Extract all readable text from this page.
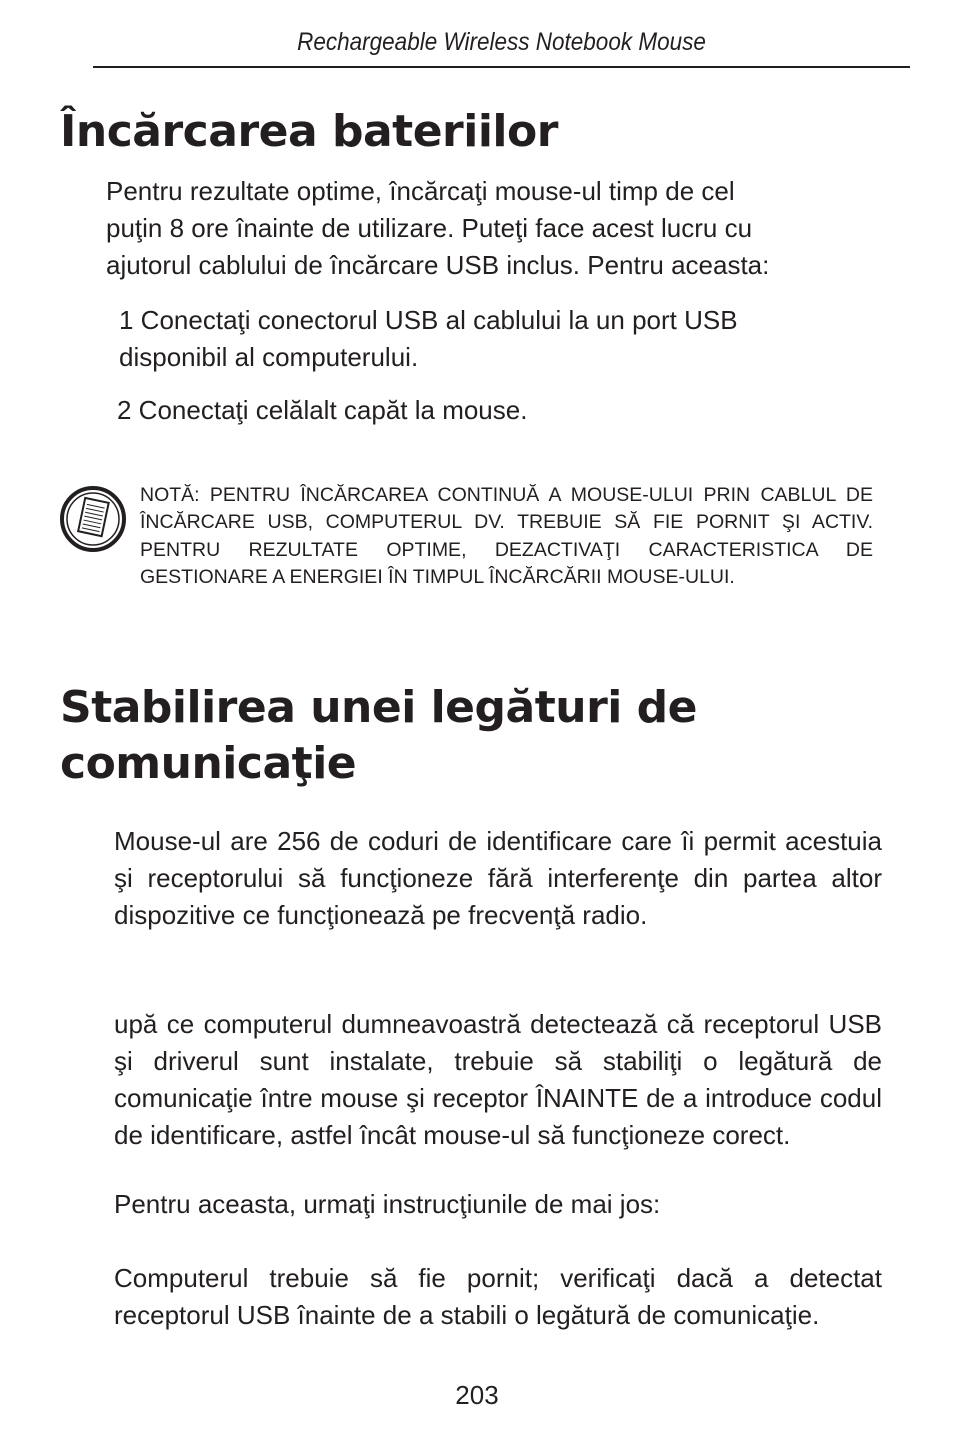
Rechargeable Wireless Notebook Mouse
Încărcarea bateriilor
Pentru rezultate optime, încărcaţi mouse-ul timp de cel
puţin 8 ore înainte de utilizare. Puteţi face acest lucru cu
ajutorul cablului de încărcare USB inclus. Pentru aceasta:
1 Conectaţi conectorul USB al cablului la un port USB
disponibil al computerului.
2 Conectaţi celălalt capăt la mouse.

NOTĂ: PENTRU ÎNCĂRCAREA CONTINUĂ A MOUSE-ULUI PRIN CABLUL DE ÎNCĂRCARE USB, COMPUTERUL DV. TREBUIE SĂ FIE PORNIT ŞI ACTIV. PENTRU REZULTATE OPTIME, DEZACTIVAŢI CARACTERISTICA DE GESTIONARE A ENERGIEI ÎN TIMPUL ÎNCĂRCĂRII MOUSE-ULUI.

Stabilirea unei legături de
comunicaţie

Mouse-ul are 256 de coduri de identificare care îi permit acestuia şi receptorului să funcţioneze fără interferenţe din partea altor dispozitive ce funcţionează pe frecvenţă radio.

upă ce computerul dumneavoastră detectează că receptorul USB şi driverul sunt instalate, trebuie să stabiliţi o legătură de comunicaţie între mouse şi receptor ÎNAINTE de a introduce codul de identificare, astfel încât mouse-ul să funcţioneze corect.

Pentru aceasta, urmaţi instrucţiunile de mai jos:

Computerul trebuie să fie pornit; verificaţi dacă a detectat receptorul USB înainte de a stabili o legătură de comunicaţie.

203
